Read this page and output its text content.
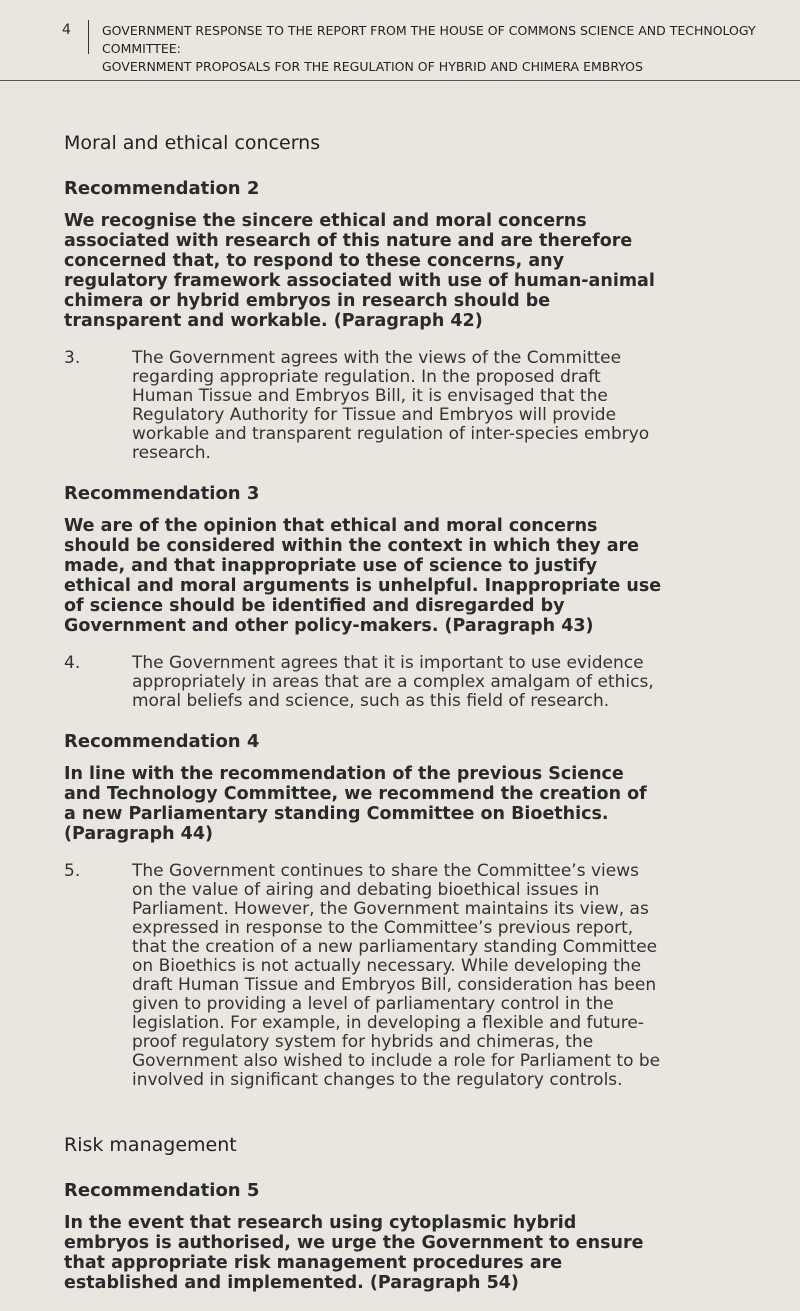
4 GOVERNMENT RESPONSE TO THE REPORT FROM THE HOUSE OF COMMONS SCIENCE AND TECHNOLOGY COMMITTEE:
GOVERNMENT PROPOSALS FOR THE REGULATION OF HYBRID AND CHIMERA EMBRYOS
Moral and ethical concerns
Recommendation 2

We recognise the sincere ethical and moral concerns associated with research of this nature and are therefore concerned that, to respond to these concerns, any regulatory framework associated with use of human-animal chimera or hybrid embryos in research should be transparent and workable. (Paragraph 42)

3.	The Government agrees with the views of the Committee regarding appropriate regulation. In the proposed draft Human Tissue and Embryos Bill, it is envisaged that the Regulatory Authority for Tissue and Embryos will provide workable and transparent regulation of inter-species embryo research.
Recommendation 3

We are of the opinion that ethical and moral concerns should be considered within the context in which they are made, and that inappropriate use of science to justify ethical and moral arguments is unhelpful. Inappropriate use of science should be identified and disregarded by Government and other policy-makers. (Paragraph 43)

4.	The Government agrees that it is important to use evidence appropriately in areas that are a complex amalgam of ethics, moral beliefs and science, such as this field of research.
Recommendation 4

In line with the recommendation of the previous Science and Technology Committee, we recommend the creation of a new Parliamentary standing Committee on Bioethics. (Paragraph 44)

5.	The Government continues to share the Committee’s views on the value of airing and debating bioethical issues in Parliament. However, the Government maintains its view, as expressed in response to the Committee’s previous report, that the creation of a new parliamentary standing Committee on Bioethics is not actually necessary. While developing the draft Human Tissue and Embryos Bill, consideration has been given to providing a level of parliamentary control in the legislation. For example, in developing a flexible and future-proof regulatory system for hybrids and chimeras, the Government also wished to include a role for Parliament to be involved in significant changes to the regulatory controls.
Risk management
Recommendation 5

In the event that research using cytoplasmic hybrid embryos is authorised, we urge the Government to ensure that appropriate risk management procedures are established and implemented. (Paragraph 54)
